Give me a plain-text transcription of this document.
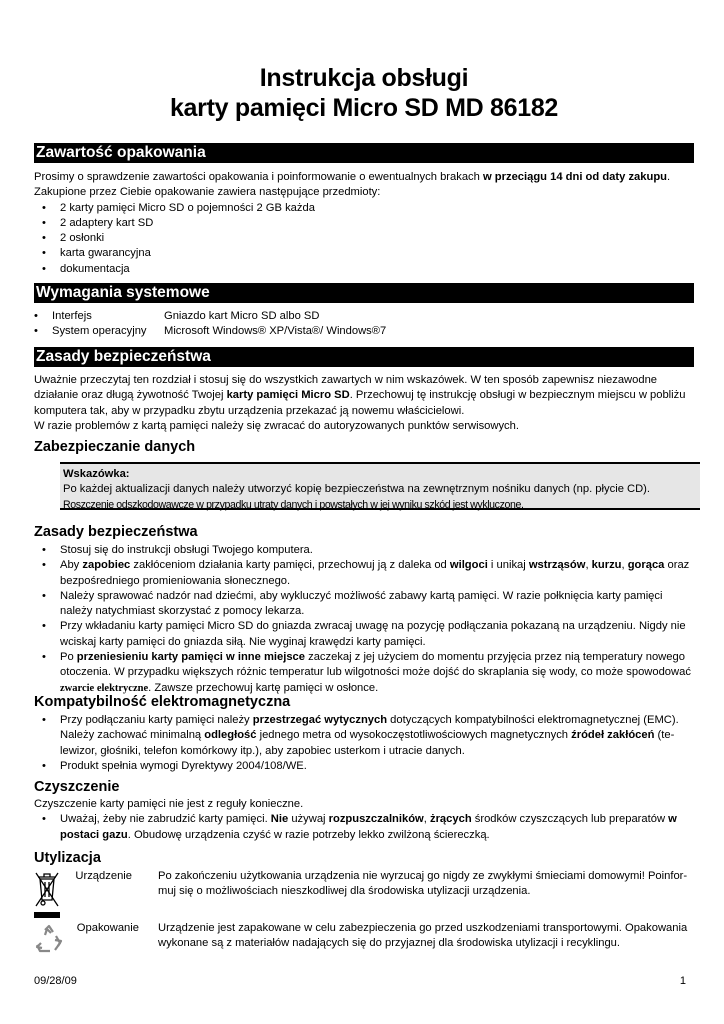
Instrukcja obsługi
karty pamięci Micro SD MD 86182
Zawartość opakowania
Prosimy o sprawdzenie zawartości opakowania i poinformowanie o ewentualnych brakach w przeciągu 14 dni od daty zakupu.
Zakupione przez Ciebie opakowanie zawiera następujące przedmioty:
• 2 karty pamięci Micro SD o pojemności 2 GB każda
• 2 adaptery kart SD
• 2 osłonki
• karta gwarancyjna
• dokumentacja
Wymagania systemowe
• Interfejs	Gniazdo kart Micro SD albo SD
• System operacyjny Microsoft Windows® XP/Vista®/ Windows®7
Zasady bezpieczeństwa
Uważnie przeczytaj ten rozdział i stosuj się do wszystkich zawartych w nim wskazówek. W ten sposób zapewnisz niezawodne
działanie oraz długą żywotność Twojej karty pamięci Micro SD. Przechowuj tę instrukcję obsługi w bezpiecznym miejscu w pobliżu
komputera tak, aby w przypadku zbytu urządzenia przekazać ją nowemu właścicielowi.
W razie problemów z kartą pamięci należy się zwracać do autoryzowanych punktów serwisowych.
Zabezpieczanie danych
Wskazówka:
Po każdej aktualizacji danych należy utworzyć kopię bezpieczeństwa na zewnętrznym nośniku danych (np. płycie CD).
Roszczenie odszkodowawcze w przypadku utraty danych i powstałych w jej wyniku szkód jest wykluczone.
Zasady bezpieczeństwa
• Stosuj się do instrukcji obsługi Twojego komputera.
• Aby zapobiec zakłóceniom działania karty pamięci, przechowuj ją z daleka od wilgoci i unikaj wstrząsów, kurzu, gorąca oraz
bezpośredniego promieniowania słonecznego.
• Należy sprawować nadzór nad dziećmi, aby wykluczyć możliwość zabawy kartą pamięci. W razie połknięcia karty pamięci
należy natychmiast skorzystać z pomocy lekarza.
• Przy wkładaniu karty pamięci Micro SD do gniazda zwracaj uwagę na pozycję podłączania pokazaną na urządzeniu. Nigdy nie
wciskaj karty pamięci do gniazda siłą. Nie wyginaj krawędzi karty pamięci.
• Po przeniesieniu karty pamięci w inne miejsce zaczekaj z jej użyciem do momentu przyjęcia przez nią temperatury nowego
otoczenia. W przypadku większych różnic temperatur lub wilgotności może dojść do skraplania się wody, co może spowodować
zwarcie elektryczne. Zawsze przechowuj kartę pamięci w osłonce.
Kompatybilność elektromagnetyczna
• Przy podłączaniu karty pamięci należy przestrzegać wytycznych dotyczących kompatybilności elektromagnetycznej (EMC).
Należy zachować minimalną odległość jednego metra od wysokoczęstotliwościowych magnetycznych źródeł zakłóceń (te-
lewizor, głośniki, telefon komórkowy itp.), aby zapobiec usterkom i utracie danych.
• Produkt spełnia wymogi Dyrektywy 2004/108/WE.
Czyszczenie
Czyszczenie karty pamięci nie jest z reguły konieczne.
• Uważaj, żeby nie zabrudzić karty pamięci. Nie używaj rozpuszczalników, żrących środków czyszczących lub preparatów w
postaci gazu. Obudowę urządzenia czyść w razie potrzeby lekko zwilżoną ściereczką.
Utylizacja
Urządzenie Po zakończeniu użytkowania urządzenia nie wyrzucaj go nigdy ze zwykłymi śmieciami domowymi! Poinfor-
muj się o możliwościach nieszkodliwej dla środowiska utylizacji urządzenia.
Opakowanie Urządzenie jest zapakowane w celu zabezpieczenia go przed uszkodzeniami transportowymi. Opakowania
wykonane są z materiałów nadających się do przyjaznej dla środowiska utylizacji i recyklingu.
09/28/09	1
